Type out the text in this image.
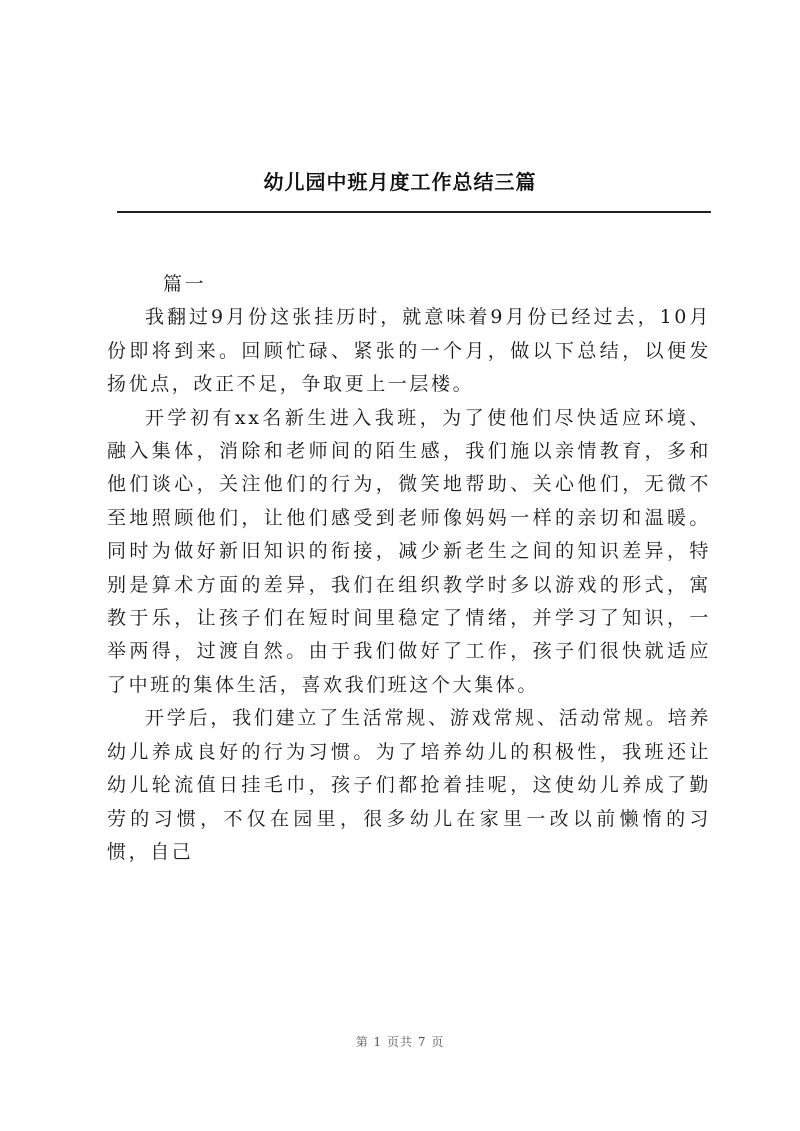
幼儿园中班月度工作总结三篇

篇一

我翻过9月份这张挂历时，就意味着9月份已经过去，10月份即将到来。回顾忙碌、紧张的一个月，做以下总结，以便发扬优点，改正不足，争取更上一层楼。

开学初有xx名新生进入我班，为了使他们尽快适应环境、融入集体，消除和老师间的陌生感，我们施以亲情教育，多和他们谈心，关注他们的行为，微笑地帮助、关心他们，无微不至地照顾他们，让他们感受到老师像妈妈一样的亲切和温暖。同时为做好新旧知识的衔接，减少新老生之间的知识差异，特别是算术方面的差异，我们在组织教学时多以游戏的形式，寓教于乐，让孩子们在短时间里稳定了情绪，并学习了知识，一举两得，过渡自然。由于我们做好了工作，孩子们很快就适应了中班的集体生活，喜欢我们班这个大集体。

开学后，我们建立了生活常规、游戏常规、活动常规。培养幼儿养成良好的行为习惯。为了培养幼儿的积极性，我班还让幼儿轮流值日挂毛巾，孩子们都抢着挂呢，这使幼儿养成了勤劳的习惯，不仅在园里，很多幼儿在家里一改以前懒惰的习惯，自己

第 1 页共 7 页
